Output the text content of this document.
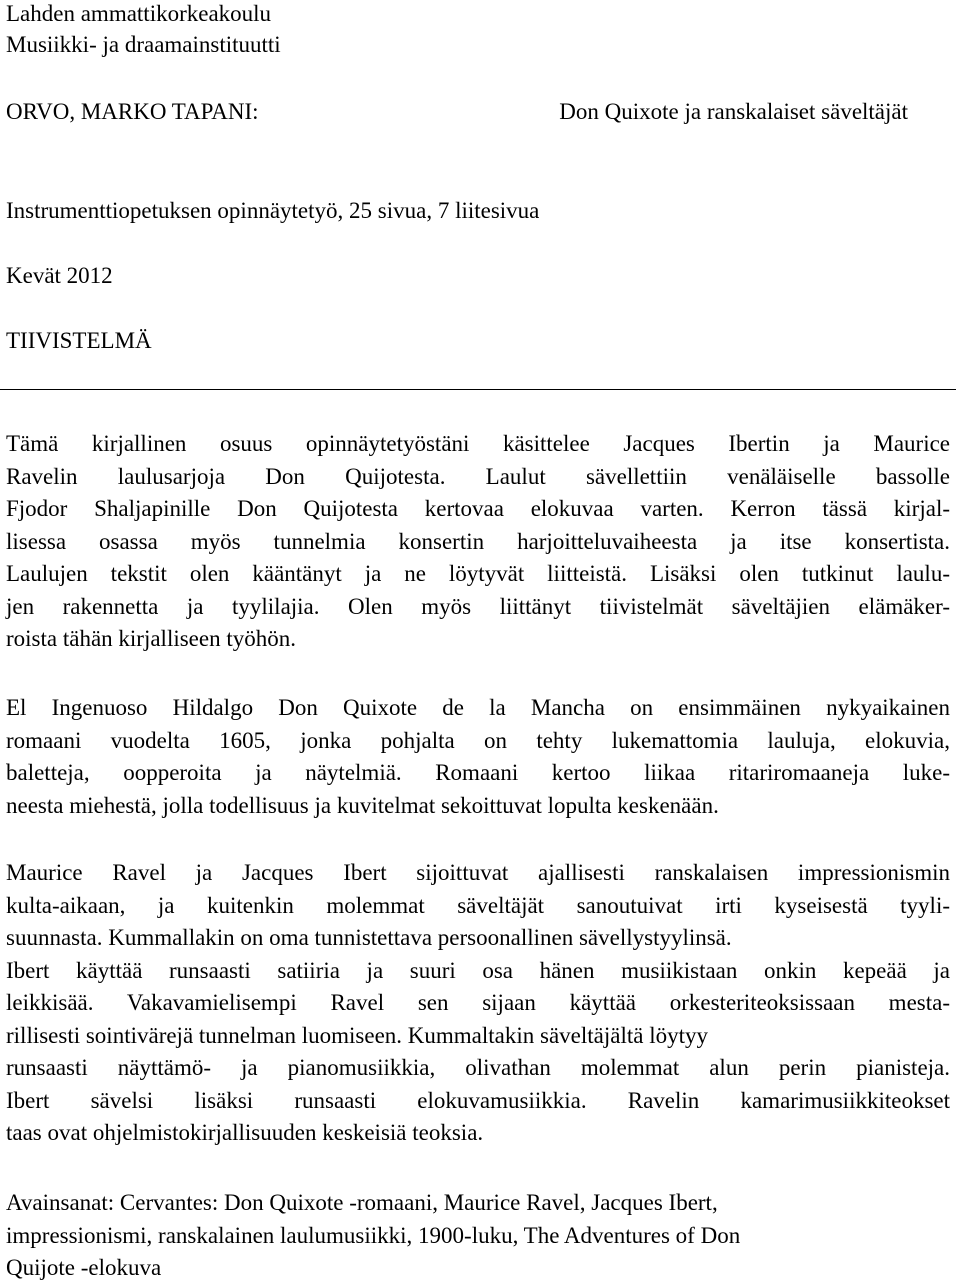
Lahden ammattikorkeakoulu
Musiikki- ja draamainstituutti
ORVO, MARKO TAPANI:	Don Quixote ja ranskalaiset säveltäjät
Instrumenttiopetuksen opinnäytetyö, 25 sivua, 7 liitesivua
Kevät 2012
TIIVISTELMÄ
Tämä kirjallinen osuus opinnäytetyöstäni käsittelee Jacques Ibertin ja Maurice
Ravelin laulusarjoja Don Quijotesta. Laulut sävellettiin venäläiselle bassolle
Fjodor Shaljapinille Don Quijotesta kertovaa elokuvaa varten. Kerron tässä kirjal-
lisessa osassa myös tunnelmia konsertin harjoitteluvaiheesta ja itse konsertista.
Laulujen tekstit olen kääntänyt ja ne löytyvät liitteistä. Lisäksi olen tutkinut laulu-
jen rakennetta ja tyylilajia. Olen myös liittänyt tiivistelmät säveltäjien elämäker-
roista tähän kirjalliseen työhön.
El Ingenuoso Hildalgo Don Quixote de la Mancha on ensimmäinen nykyaikainen
romaani vuodelta 1605, jonka pohjalta on tehty lukemattomia lauluja, elokuvia,
baletteja, oopperoita ja näytelmiä. Romaani kertoo liikaa ritariromaaneja luke-
neesta miehestä, jolla todellisuus ja kuvitelmat sekoittuvat lopulta keskenään.
Maurice Ravel ja Jacques Ibert sijoittuvat ajallisesti ranskalaisen impressionismin
kulta-aikaan, ja kuitenkin molemmat säveltäjät sanoutuivat irti kyseisestä tyyli-
suunnasta. Kummallakin on oma tunnistettava persoonallinen sävellystyylinsä.
Ibert käyttää runsaasti satiiria ja suuri osa hänen musiikistaan onkin kepeää ja
leikkisää. Vakavamielisempi Ravel sen sijaan käyttää orkesteriteoksissaan mesta-
rillisesti sointivärejä tunnelman luomiseen. Kummaltakin säveltäjältä löytyy
runsaasti näyttämö- ja pianomusiikkia, olivathan molemmat alun perin pianisteja.
Ibert sävelsi lisäksi runsaasti elokuvamusiikkia. Ravelin kamarimusiikkiteokset
taas ovat ohjelmistokirjallisuuden keskeisiä teoksia.
Avainsanat: Cervantes: Don Quixote -romaani, Maurice Ravel, Jacques Ibert,
impressionismi, ranskalainen laulumusiikki, 1900-luku, The Adventures of Don
Quijote -elokuva
